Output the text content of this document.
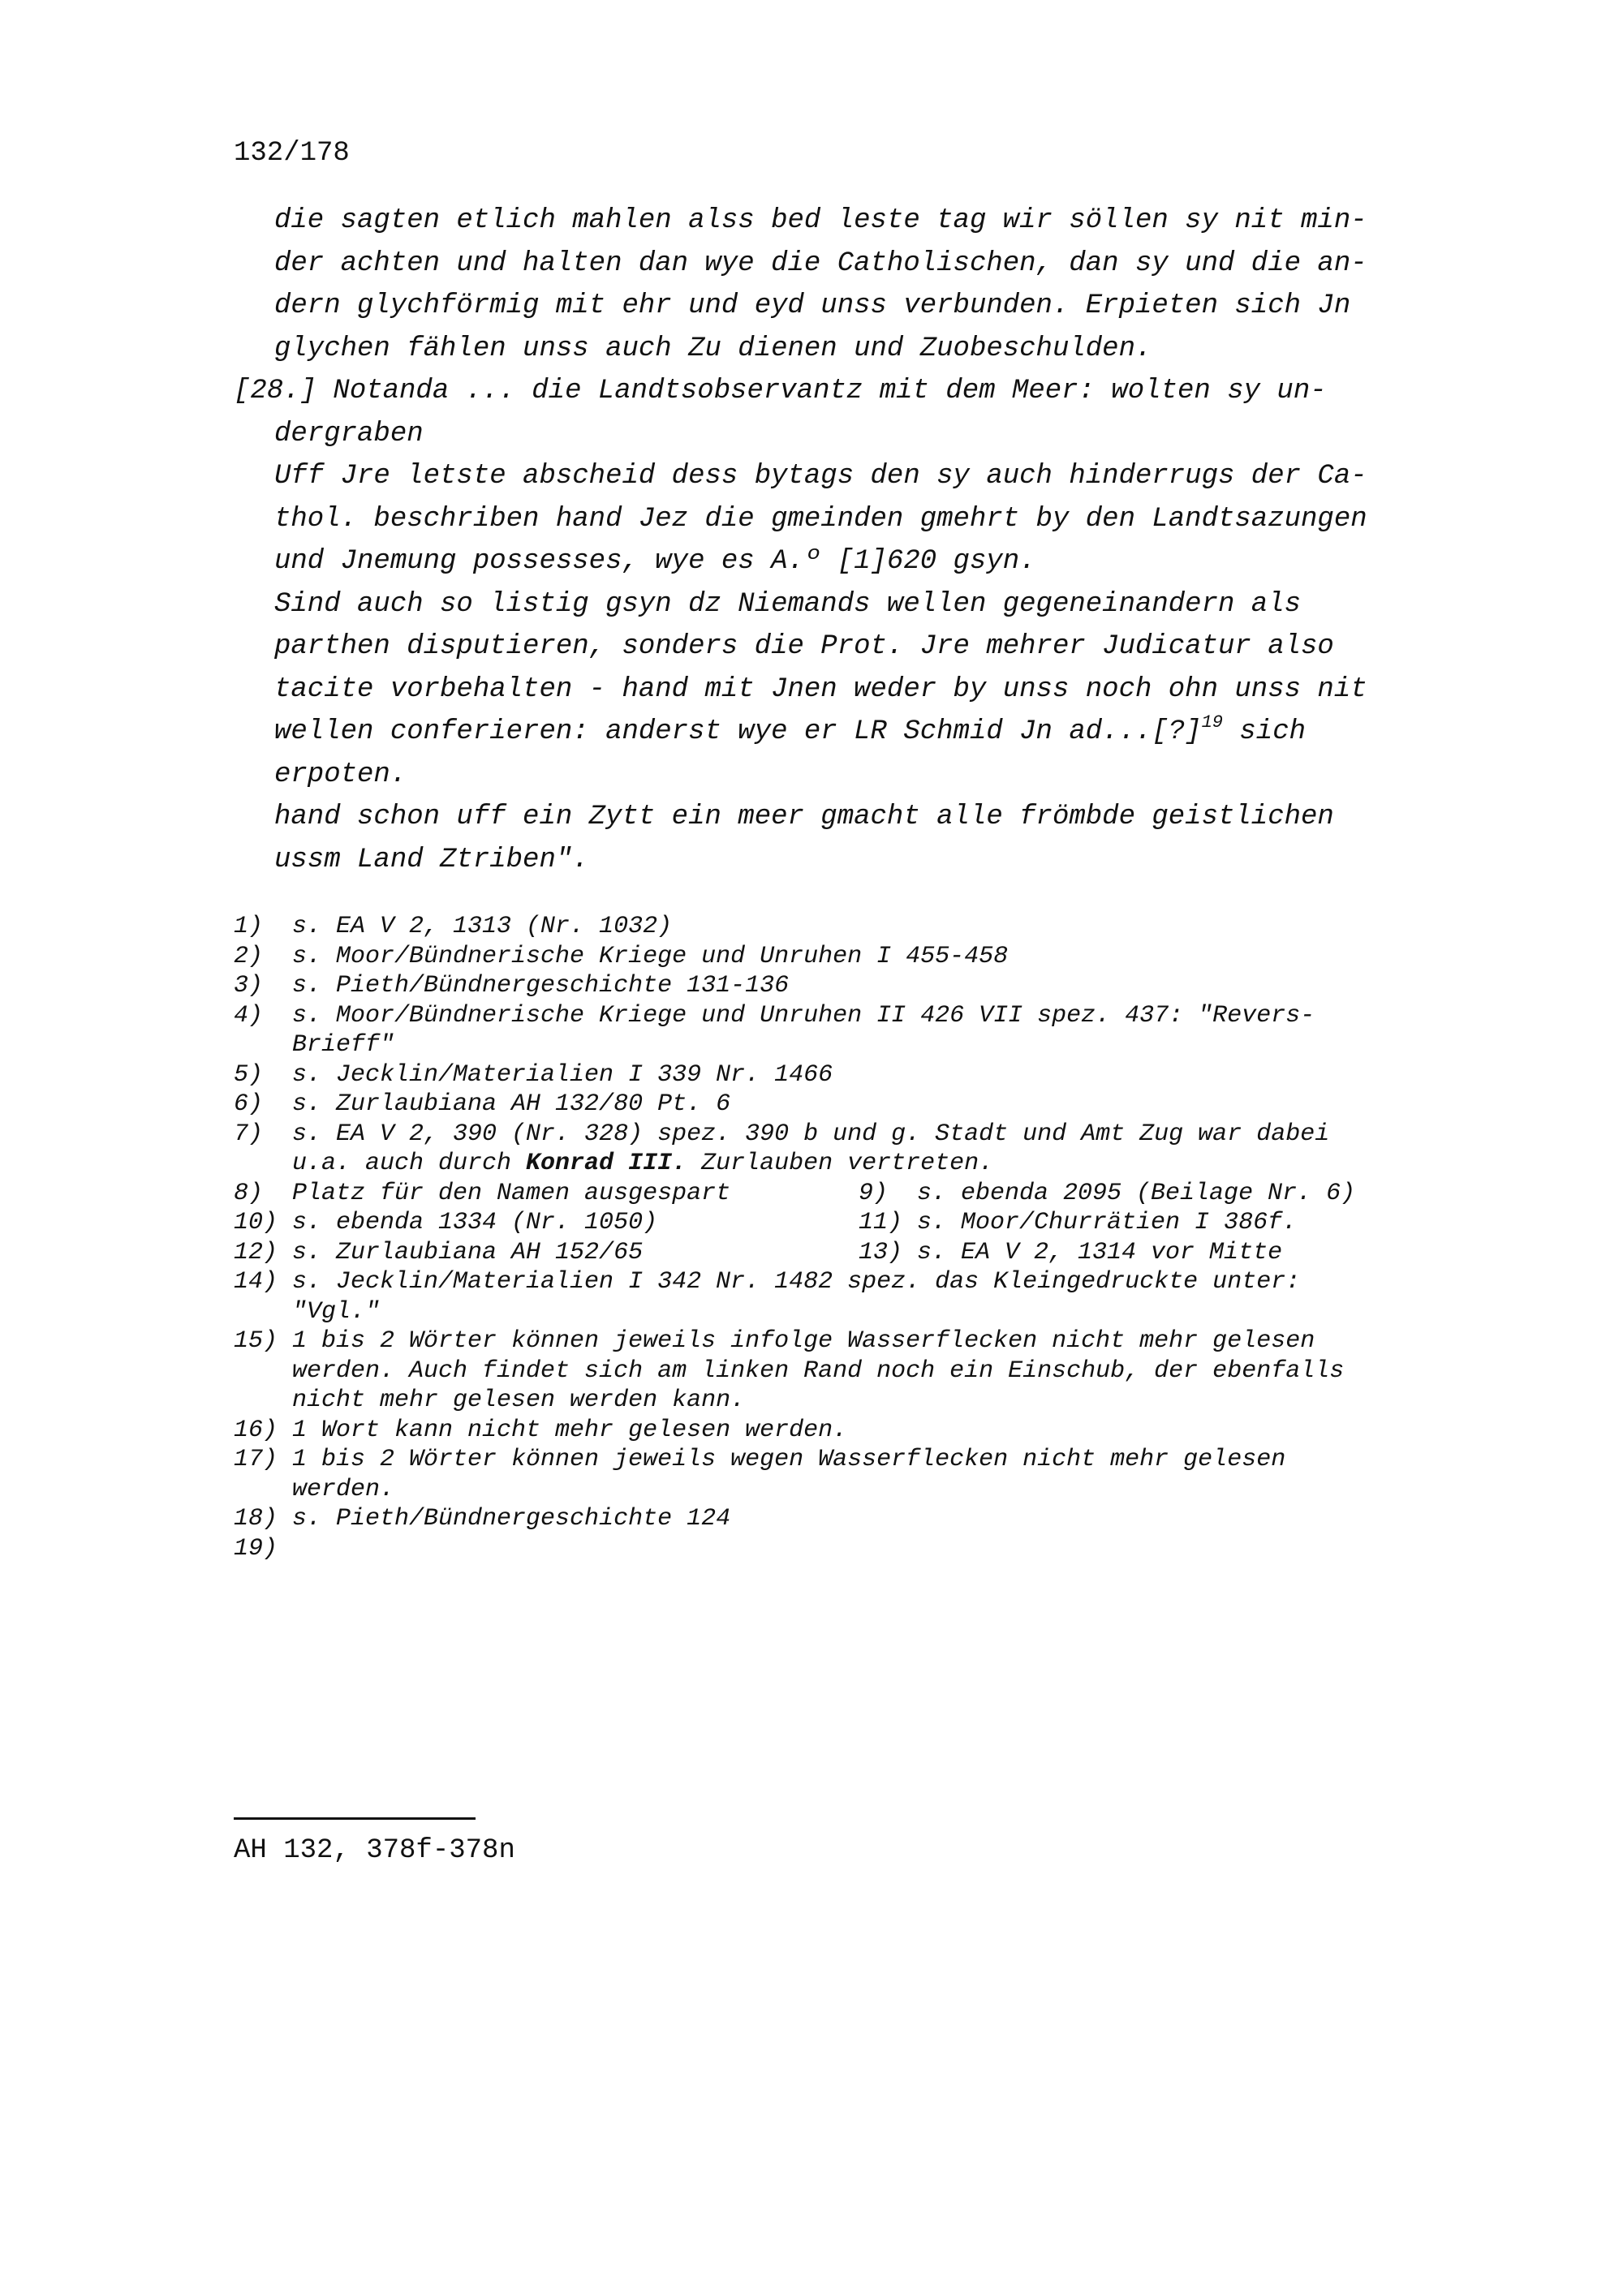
132/178
die sagten etlich mahlen alss bed leste tag wir söllen sy nit min-
der achten und halten dan wye die Catholischen, dan sy und die an-
dern glychförmig mit ehr und eyd unss verbunden. Erpieten sich Jn
glychen fählen unss auch Zu dienen und Zuobeschulden.
[28.] Notanda ... die Landtsobservantz mit dem Meer: wolten sy un-
dergraben
Uff Jre letste abscheid dess bytags den sy auch hinderrugs der Ca-
thol. beschriben hand Jez die gmeinden gmehrt by den Landtsazungen
und Jnemung possesses, wye es A.º [1]620 gsyn.
Sind auch so listig gsyn dz Niemands wellen gegeneinandern als
parthen disputieren, sonders die Prot. Jre mehrer Judicatur also
tacite vorbehalten - hand mit Jnen weder by unss noch ohn unss nit
wellen conferieren: anderst wye er LR Schmid Jn ad...[?]$^{19}$ sich
erpoten.
hand schon uff ein Zytt ein meer gmacht alle frömbde geistlichen
ussm Land Ztriben".
1)	s. EA V 2, 1313 (Nr. 1032)
2)	s. Moor/Bündnerische Kriege und Unruhen I 455-458
3)	s. Pieth/Bündnergeschichte 131-136
4)	s. Moor/Bündnerische Kriege und Unruhen II 426 VII spez. 437: "Revers-
Brieff"
5)	s. Jecklin/Materialien I 339 Nr. 1466
6)	s. Zurlaubiana AH 132/80 Pt. 6
7)	s. EA V 2, 390 (Nr. 328) spez. 390 b und g. Stadt und Amt Zug war dabei
u.a. auch durch Konrad III. Zurlauben vertreten.
8)	Platz für den Namen ausgespart	9) s. ebenda 2095 (Beilage Nr. 6)
10) s. ebenda 1334 (Nr. 1050)	11) s. Moor/Churrätien I 386f.
12) s. Zurlaubiana AH 152/65	13) s. EA V 2, 1314 vor Mitte
14) s. Jecklin/Materialien I 342 Nr. 1482 spez. das Kleingedruckte unter:
"Vgl."
15) 1 bis 2 Wörter können jeweils infolge Wasserflecken nicht mehr gelesen
werden. Auch findet sich am linken Rand noch ein Einschub, der ebenfalls
nicht mehr gelesen werden kann.
16) 1 Wort kann nicht mehr gelesen werden.
17) 1 bis 2 Wörter können jeweils wegen Wasserflecken nicht mehr gelesen
werden.
18) s. Pieth/Bündnergeschichte 124
19)
AH 132, 378f-378n
